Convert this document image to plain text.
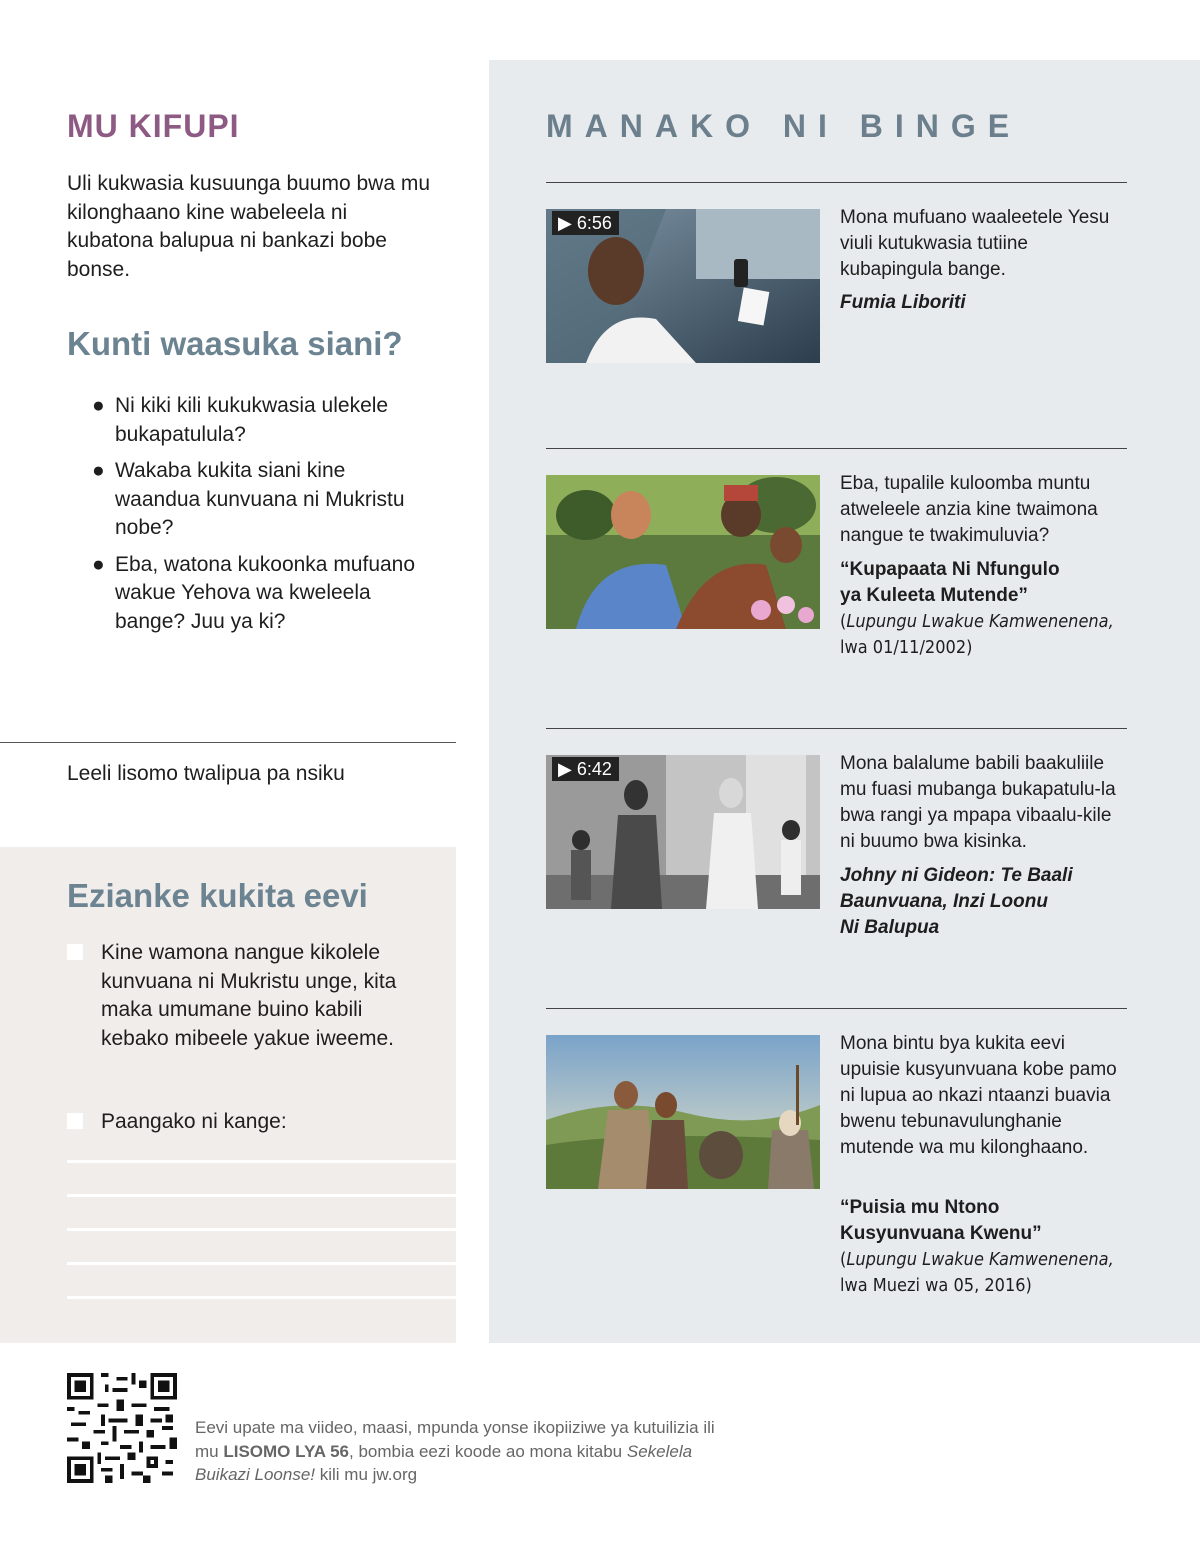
MU KIFUPI

Uli kukwasia kusuunga buumo bwa mu kilonghaano kine wabeleela ni kubatona balupua ni bankazi bobe bonse.

Kunti waasuka siani?
● Ni kiki kili kukukwasia ulekele bukapatulula?
● Wakaba kukita siani kine waandua kunvuana ni Mukristu nobe?
● Eba, watona kukoonka mufuano wakue Yehova wa kweleela bange? Juu ya ki?

Leeli lisomo twalipua pa nsiku

Ezianke kukita eevi

Kine wamona nangue kikolele kunvuana ni Mukristu unge, kita maka umumane buino kabili kebako mibeele yakue iweeme.

Paangako ni kange:

MANAKO NI BINGE
▶ 6:56	Mona mufuano waaleetele Yesu viuli kutukwasia tutiine kubapingula bange.

Fumia Liboriti

Eba, tupalile kuloomba muntu atweleele anzia kine twaimona nangue te twakimuluvia?

“Kupapaata Ni Nfungulo
ya Kuleeta Mutende”

(Lupungu Lwakue Kamwenenena,
lwa 01/11/2002)

▶ 6:42	Mona balalume babili baakuliile mu fuasi mubanga bukapatulu-la bwa rangi ya mpapa vibaalu-kile ni buumo bwa kisinka.

Johny ni Gideon: Te Baali
Baunvuana, Inzi Loonu
Ni Balupua

Mona bintu bya kukita eevi upuisie kusyunvuana kobe pamo ni lupua ao nkazi ntaanzi buavia bwenu tebunavulunghanie mutende wa mu kilonghaano.

“Puisia mu Ntono
Kusyunvuana Kwenu”

(Lupungu Lwakue Kamwenenena,
lwa Muezi wa 05, 2016)

Eevi upate ma viideo, maasi, mpunda yonse ikopiiziwe ya kutuilizia ili mu LISOMO LYA 56, bombia eezi koode ao mona kitabu Sekelela Buikazi Loonse! kili mu jw.org
